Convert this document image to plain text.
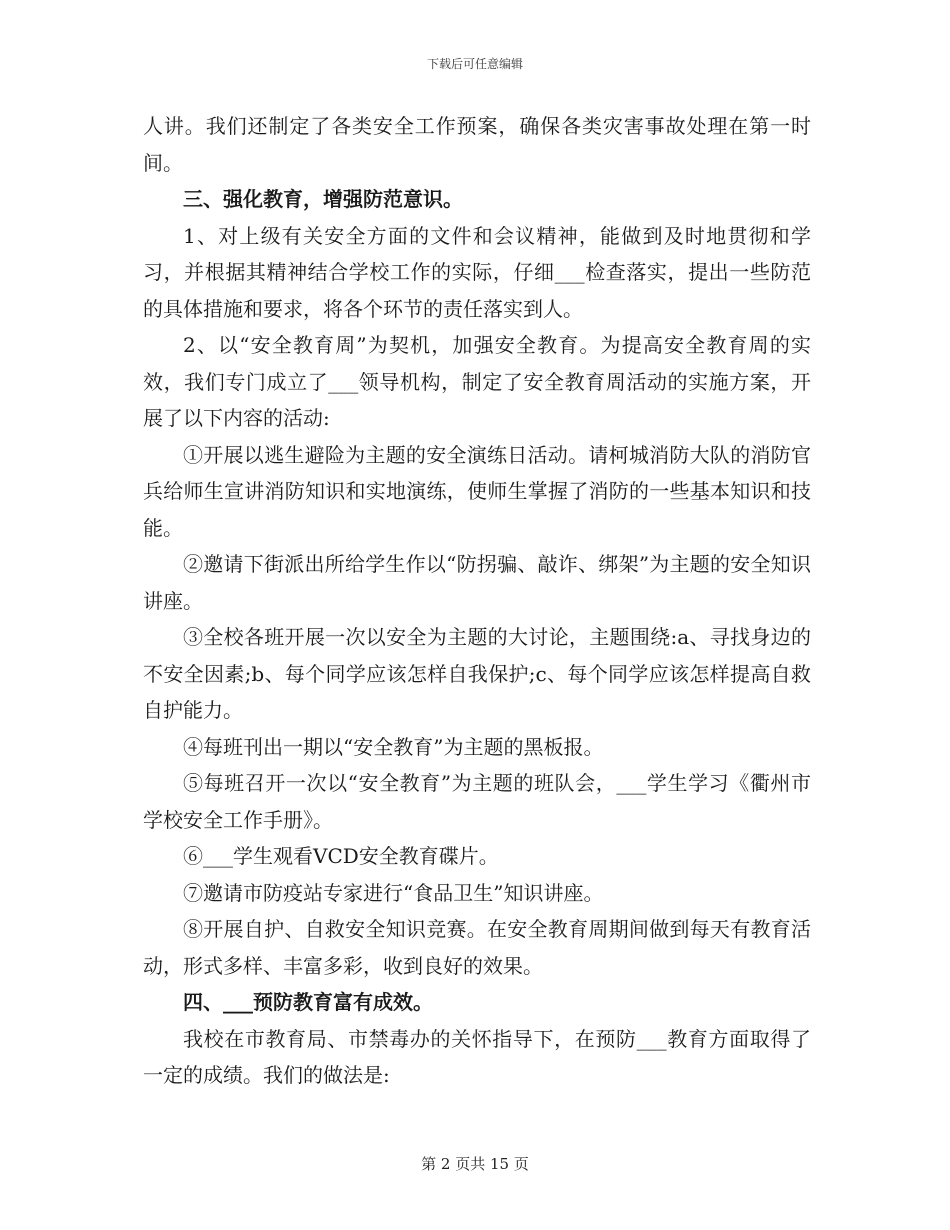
下载后可任意编辑

人讲。我们还制定了各类安全工作预案，确保各类灾害事故处理在第一时间。

三、强化教育，增强防范意识。

1、对上级有关安全方面的文件和会议精神，能做到及时地贯彻和学习，并根据其精神结合学校工作的实际，仔细___检查落实，提出一些防范的具体措施和要求，将各个环节的责任落实到人。

2、以“安全教育周”为契机，加强安全教育。为提高安全教育周的实效，我们专门成立了___领导机构，制定了安全教育周活动的实施方案，开展了以下内容的活动:

①开展以逃生避险为主题的安全演练日活动。请柯城消防大队的消防官兵给师生宣讲消防知识和实地演练，使师生掌握了消防的一些基本知识和技能。

②邀请下街派出所给学生作以“防拐骗、敲诈、绑架”为主题的安全知识讲座。

③全校各班开展一次以安全为主题的大讨论，主题围绕:a、寻找身边的不安全因素;b、每个同学应该怎样自我保护;c、每个同学应该怎样提高自救自护能力。

④每班刊出一期以“安全教育”为主题的黑板报。

⑤每班召开一次以“安全教育”为主题的班队会，___学生学习《衢州市学校安全工作手册》。

⑥___学生观看VCD安全教育碟片。

⑦邀请市防疫站专家进行“食品卫生”知识讲座。

⑧开展自护、自救安全知识竞赛。在安全教育周期间做到每天有教育活动，形式多样、丰富多彩，收到良好的效果。

四、___预防教育富有成效。

我校在市教育局、市禁毒办的关怀指导下，在预防___教育方面取得了一定的成绩。我们的做法是:

第 2 页共 15 页
